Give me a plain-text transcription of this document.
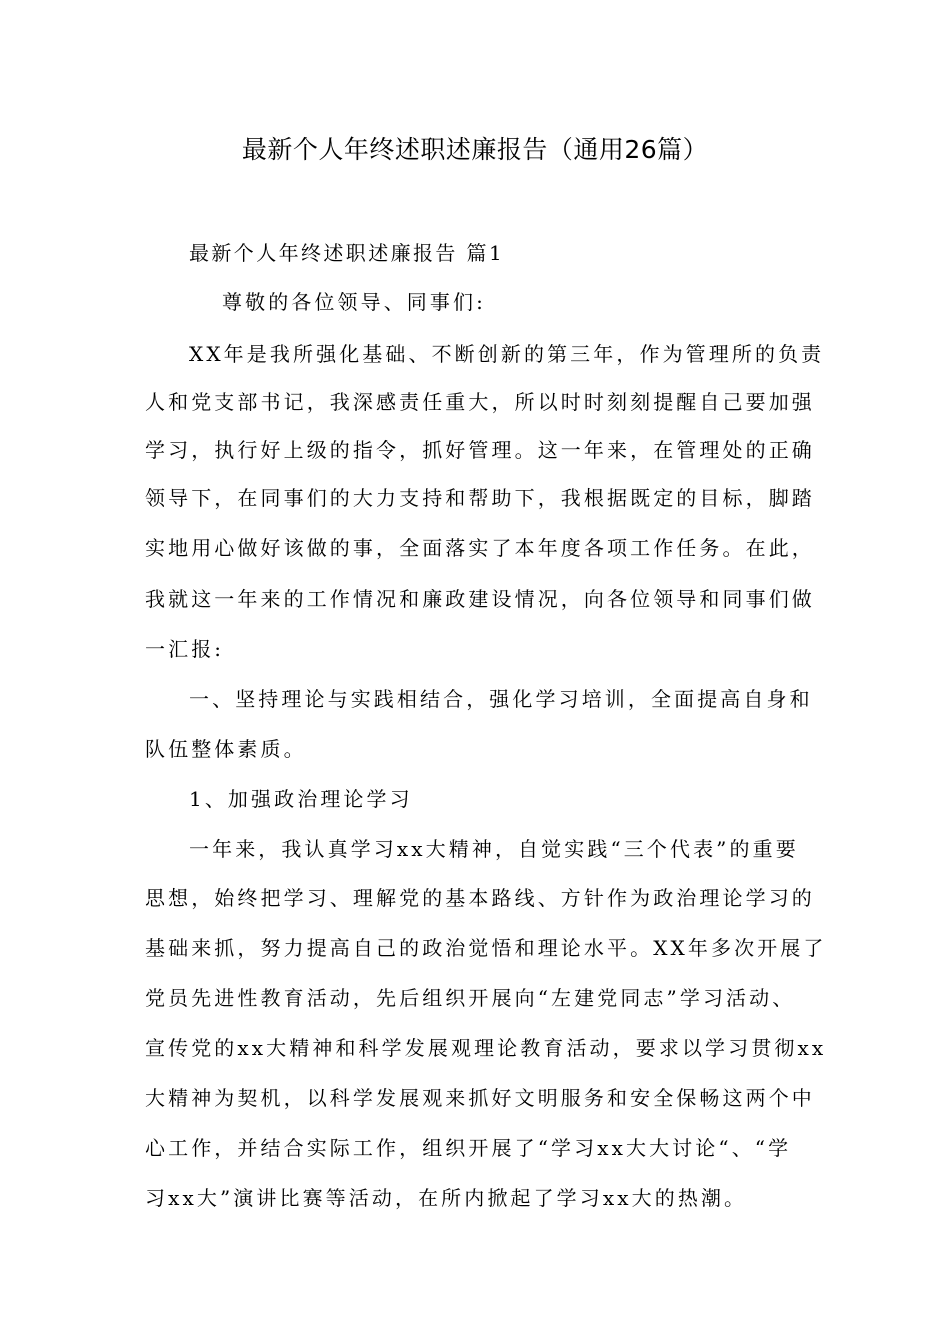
最新个人年终述职述廉报告（通用26篇）
最新个人年终述职述廉报告 篇1
尊敬的各位领导、同事们:
XX年是我所强化基础、不断创新的第三年，作为管理所的负责
人和党支部书记，我深感责任重大，所以时时刻刻提醒自己要加强
学习，执行好上级的指令，抓好管理。这一年来，在管理处的正确
领导下，在同事们的大力支持和帮助下，我根据既定的目标，脚踏
实地用心做好该做的事，全面落实了本年度各项工作任务。在此，
我就这一年来的工作情况和廉政建设情况，向各位领导和同事们做
一汇报:
一、坚持理论与实践相结合，强化学习培训，全面提高自身和
队伍整体素质。
1、加强政治理论学习
一年来，我认真学习xx大精神，自觉实践“三个代表”的重要
思想，始终把学习、理解党的基本路线、方针作为政治理论学习的
基础来抓，努力提高自己的政治觉悟和理论水平。XX年多次开展了
党员先进性教育活动，先后组织开展向“左建党同志”学习活动、
宣传党的xx大精神和科学发展观理论教育活动，要求以学习贯彻xx
大精神为契机，以科学发展观来抓好文明服务和安全保畅这两个中
心工作，并结合实际工作，组织开展了“学习xx大大讨论“、“学
习xx大”演讲比赛等活动，在所内掀起了学习xx大的热潮。
